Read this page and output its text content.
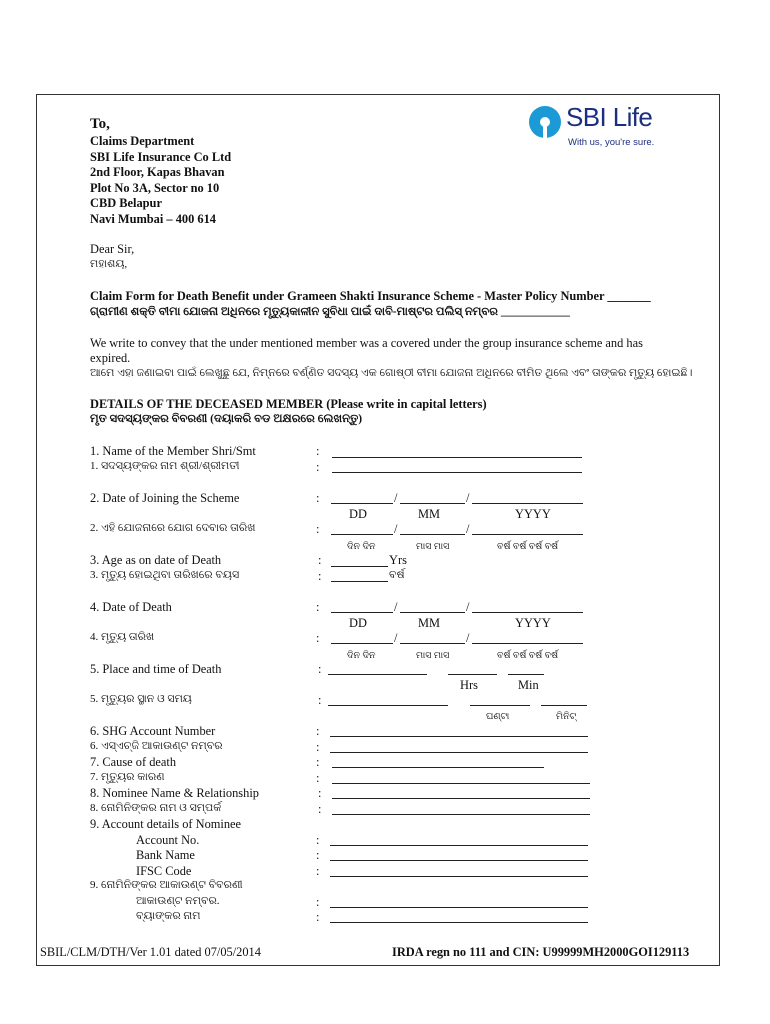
SBI Life
With us, you're sure.
To,
Claims Department
SBI Life Insurance Co Ltd
2nd Floor, Kapas Bhavan
Plot No 3A, Sector no 10
CBD Belapur
Navi Mumbai – 400 614
Dear Sir,
ମହାଶୟ,
Claim Form for Death Benefit under Grameen Shakti Insurance Scheme - Master Policy Number _______
ଗ୍ରାମୀଣ ଶକ୍ତି ବୀମା ଯୋଜନା ଅଧିନରେ ମୃତ୍ୟୁକାଳୀନ ସୁବିଧା ପାଇଁ ଦାବି-ମାଷ୍ଟର ପଲିସ୍ ନମ୍ବର ____________
We write to convey that the under mentioned member was a covered under the group insurance scheme and has
expired.
ଆମେ ଏହା ଜଣାଇବା ପାଇଁ ଲେଖୁଛୁ ଯେ, ନିମ୍ନରେ ବର୍ଣ୍ଣିତ ସଦସ୍ୟ ଏକ ଗୋଷ୍ଠୀ ବୀମା ଯୋଜନା ଅଧିନରେ ବୀମିତ ଥିଲେ ଏବଂ ତାଙ୍କର ମୃତ୍ୟୁ ହୋଇଛି।
DETAILS OF THE DECEASED MEMBER (Please write in capital letters)
ମୃତ ସଦସ୍ୟଙ୍କର ବିବରଣୀ (ଦୟାକରି ବଡ ଅକ୍ଷରରେ ଲେଖନ୍ତୁ)
1. Name of the Member Shri/Smt	:
1. ସଦସ୍ୟଙ୍କର ନାମ ଶ୍ରୀ/ଶ୍ରୀମତୀ	:
2. Date of Joining the Scheme	:	/	/
DD	MM	YYYY
2. ଏହି ଯୋଜନାରେ ଯୋଗ ଦେବାର ତାରିଖ	:	/	/
ଦିନ ଦିନ	ମାସ ମାସ	ବର୍ଷ ବର୍ଷ ବର୍ଷ ବର୍ଷ
3. Age as on date of Death	:	Yrs
3. ମୃତ୍ୟୁ ହୋଇଥିବା ତାରିଖରେ ବୟସ	:	ବର୍ଷ
4. Date of Death	:	/	/
DD	MM	YYYY
4. ମୃତ୍ୟୁ ତାରିଖ	:	/	/
ଦିନ ଦିନ	ମାସ ମାସ	ବର୍ଷ ବର୍ଷ ବର୍ଷ ବର୍ଷ
5. Place and time of Death	:
Hrs	Min
5. ମୃତ୍ୟୁର ସ୍ଥାନ ଓ ସମୟ	:
ଘଣ୍ଟା	ମିନିଟ୍
6. SHG Account Number	:
6. ଏସ୍‌ଏଚ୍‌ଜି ଆକାଉଣ୍ଟ ନମ୍ବର	:
7. Cause of death	:
7. ମୃତ୍ୟୁର କାରଣ	:
8. Nominee Name & Relationship	:
8. ନୋମିନିଙ୍କର ନାମ ଓ ସମ୍ପର୍କ	:
9. Account details of Nominee
Account No.	:
Bank Name	:
IFSC Code	:
9. ନୋମିନିଙ୍କର ଆକାଉଣ୍ଟ ବିବରଣୀ
ଆକାଉଣ୍ଟ ନମ୍ବର.	:
ବ୍ୟାଙ୍କର ନାମ	:
SBIL/CLM/DTH/Ver 1.01 dated 07/05/2014	IRDA regn no 111 and CIN: U99999MH2000GOI129113
